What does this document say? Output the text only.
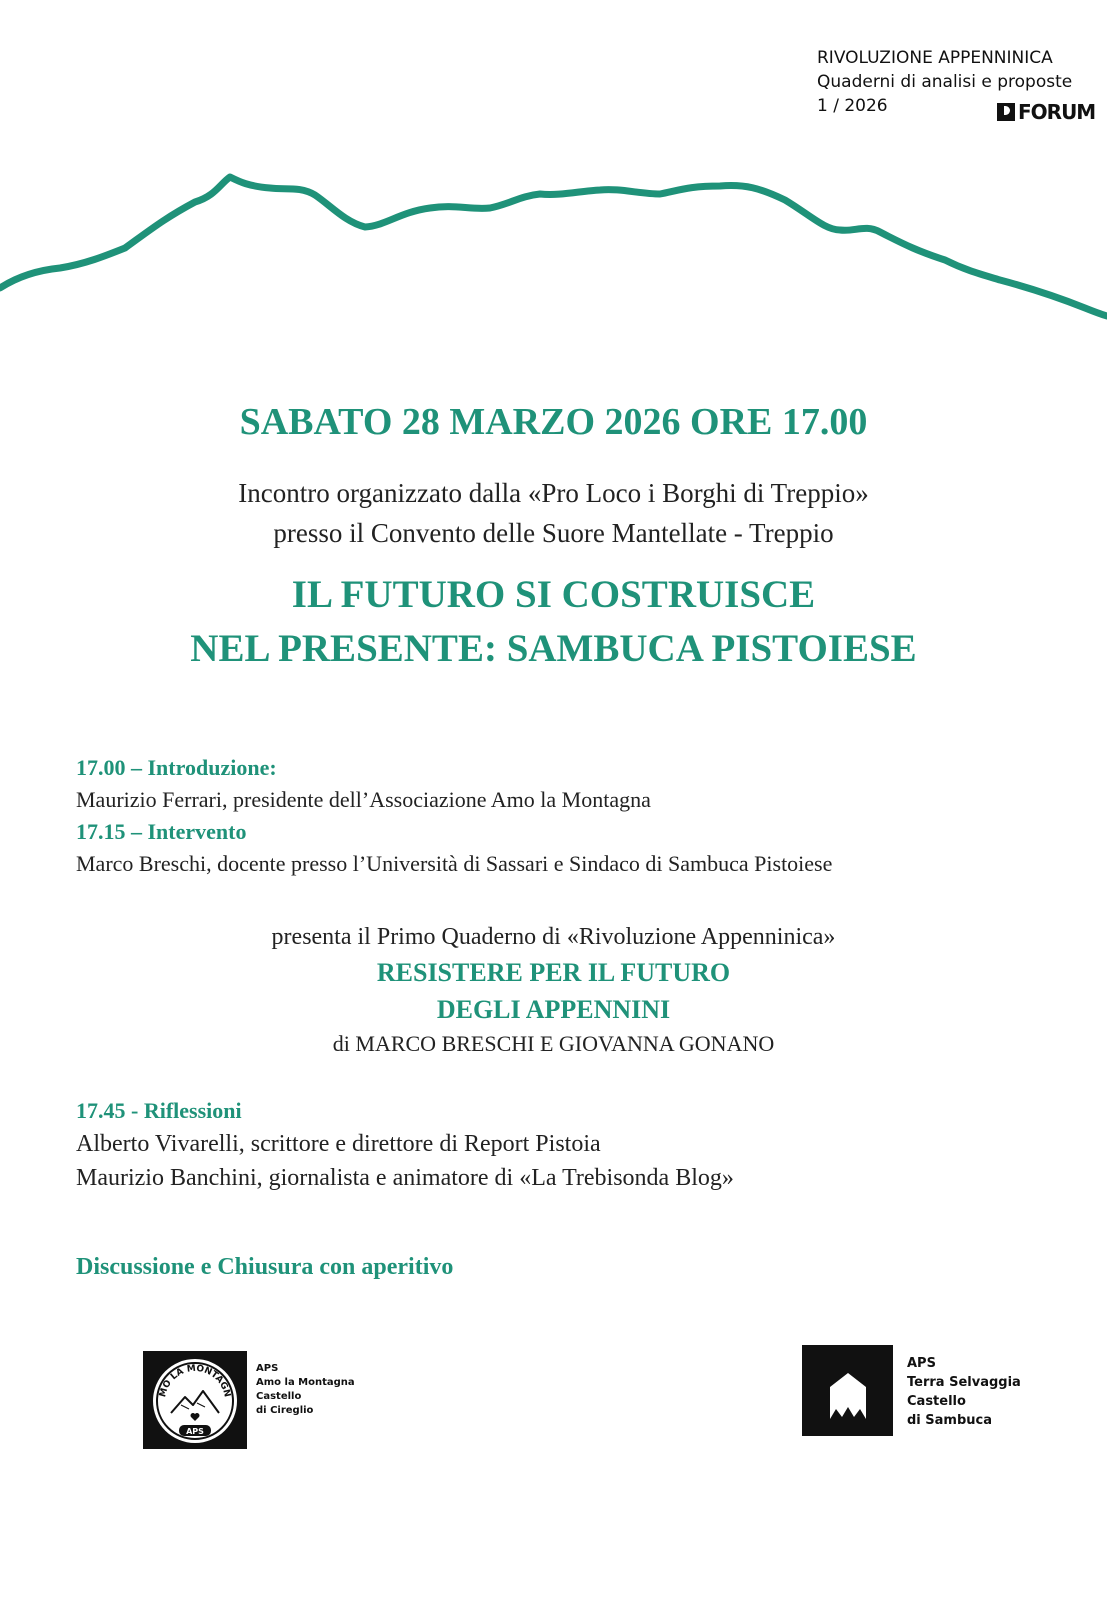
RIVOLUZIONE APPENNINICA
Quaderni di analisi e proposte
1 / 2026	FORUM
SABATO 28 MARZO 2026 ORE 17.00
Incontro organizzato dalla «Pro Loco i Borghi di Treppio»
presso il Convento delle Suore Mantellate - Treppio
IL FUTURO SI COSTRUISCE
NEL PRESENTE: SAMBUCA PISTOIESE
17.00 – Introduzione:
Maurizio Ferrari, presidente dell’Associazione Amo la Montagna
17.15 – Intervento
Marco Breschi, docente presso l’Università di Sassari e Sindaco di Sambuca Pistoiese
presenta il Primo Quaderno di «Rivoluzione Appenninica»
RESISTERE PER IL FUTURO
DEGLI APPENNINI
di MARCO BRESCHI E GIOVANNA GONANO
17.45 - Riflessioni
Alberto Vivarelli, scrittore e direttore di Report Pistoia
Maurizio Banchini, giornalista e animatore di «La Trebisonda Blog»
Discussione e Chiusura con aperitivo
MO LA MONTAGN
APS
APS
Amo la Montagna
Castello
di Cireglio
APS
Terra Selvaggia
Castello
di Sambuca
